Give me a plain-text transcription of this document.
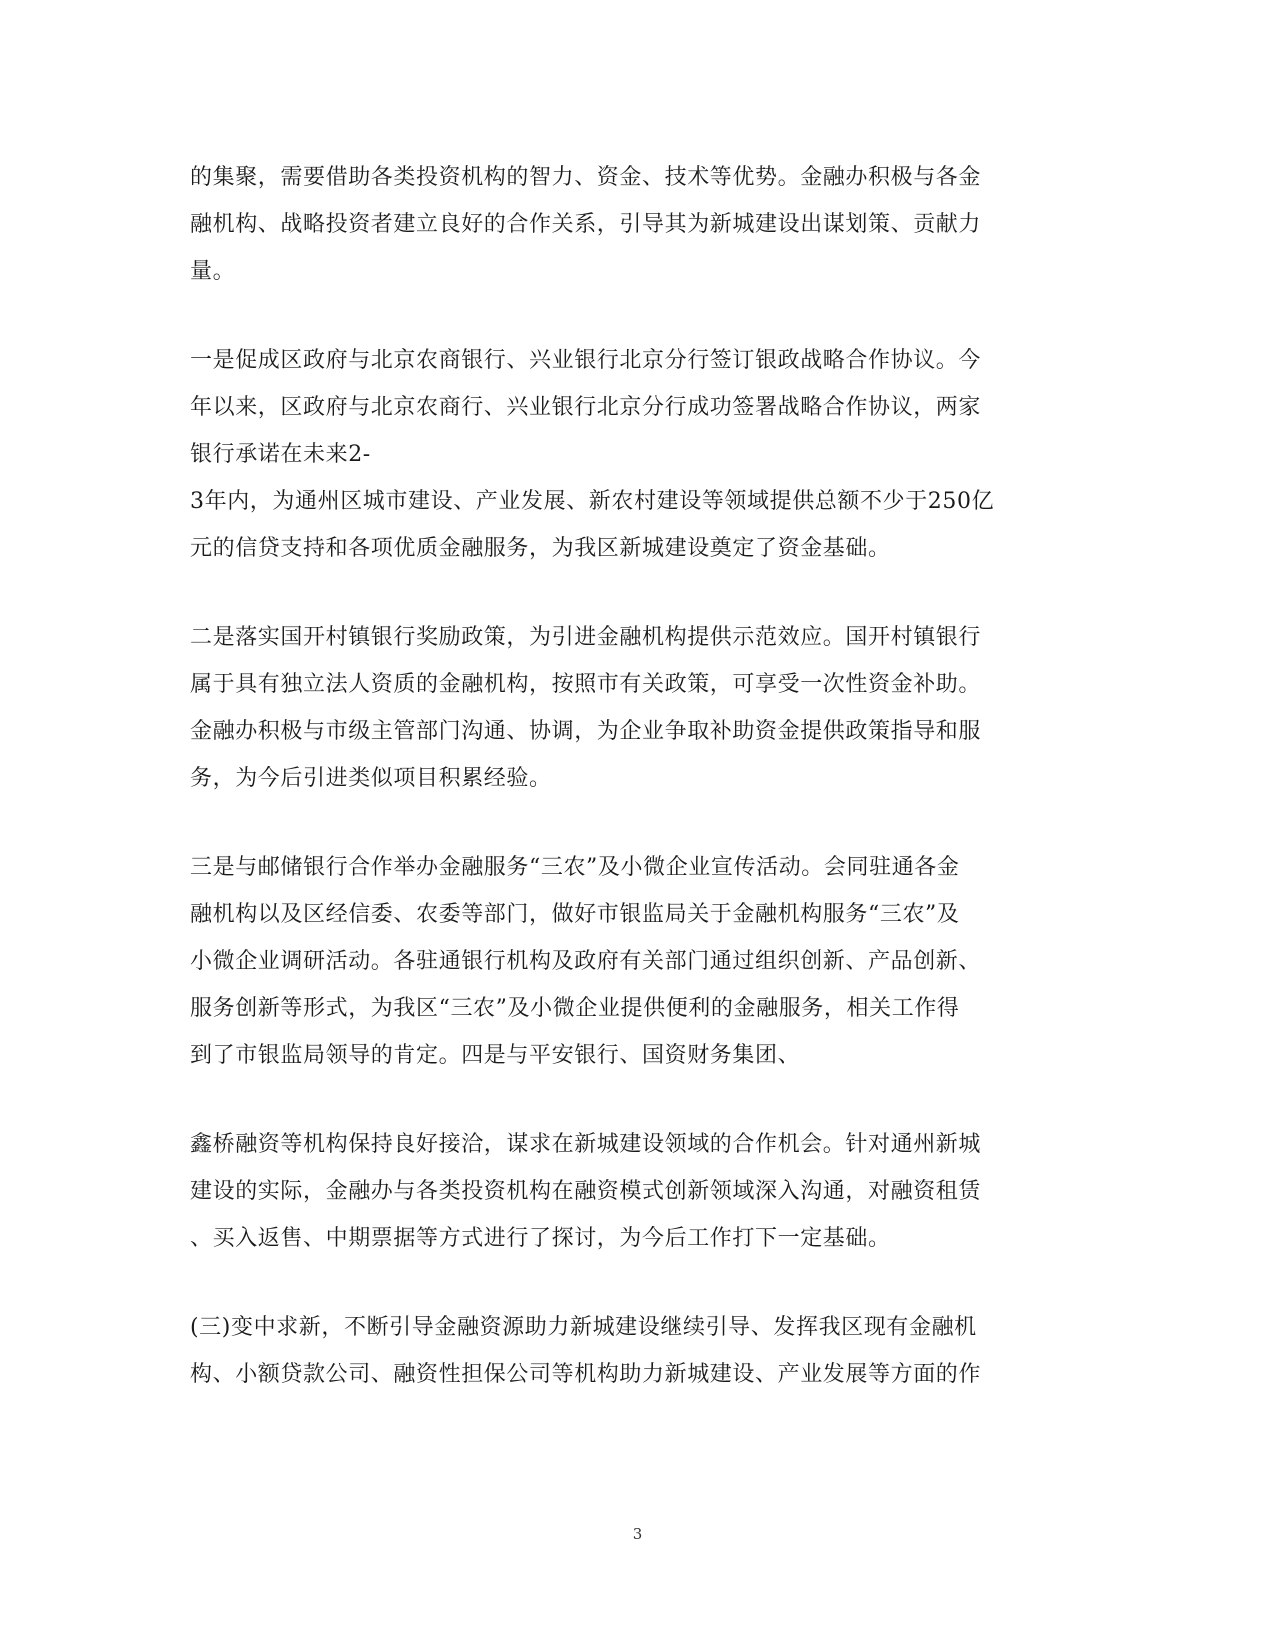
的集聚，需要借助各类投资机构的智力、资金、技术等优势。金融办积极与各金
融机构、战略投资者建立良好的合作关系，引导其为新城建设出谋划策、贡献力
量。

一是促成区政府与北京农商银行、兴业银行北京分行签订银政战略合作协议。今
年以来，区政府与北京农商行、兴业银行北京分行成功签署战略合作协议，两家
银行承诺在未来2-
3年内，为通州区城市建设、产业发展、新农村建设等领域提供总额不少于250亿
元的信贷支持和各项优质金融服务，为我区新城建设奠定了资金基础。

二是落实国开村镇银行奖励政策，为引进金融机构提供示范效应。国开村镇银行
属于具有独立法人资质的金融机构，按照市有关政策，可享受一次性资金补助。
金融办积极与市级主管部门沟通、协调，为企业争取补助资金提供政策指导和服
务，为今后引进类似项目积累经验。

三是与邮储银行合作举办金融服务“三农”及小微企业宣传活动。会同驻通各金
融机构以及区经信委、农委等部门，做好市银监局关于金融机构服务“三农”及
小微企业调研活动。各驻通银行机构及政府有关部门通过组织创新、产品创新、
服务创新等形式，为我区“三农”及小微企业提供便利的金融服务，相关工作得
到了市银监局领导的肯定。四是与平安银行、国资财务集团、

鑫桥融资等机构保持良好接洽，谋求在新城建设领域的合作机会。针对通州新城
建设的实际，金融办与各类投资机构在融资模式创新领域深入沟通，对融资租赁
、买入返售、中期票据等方式进行了探讨，为今后工作打下一定基础。

(三)变中求新，不断引导金融资源助力新城建设继续引导、发挥我区现有金融机
构、小额贷款公司、融资性担保公司等机构助力新城建设、产业发展等方面的作

3
